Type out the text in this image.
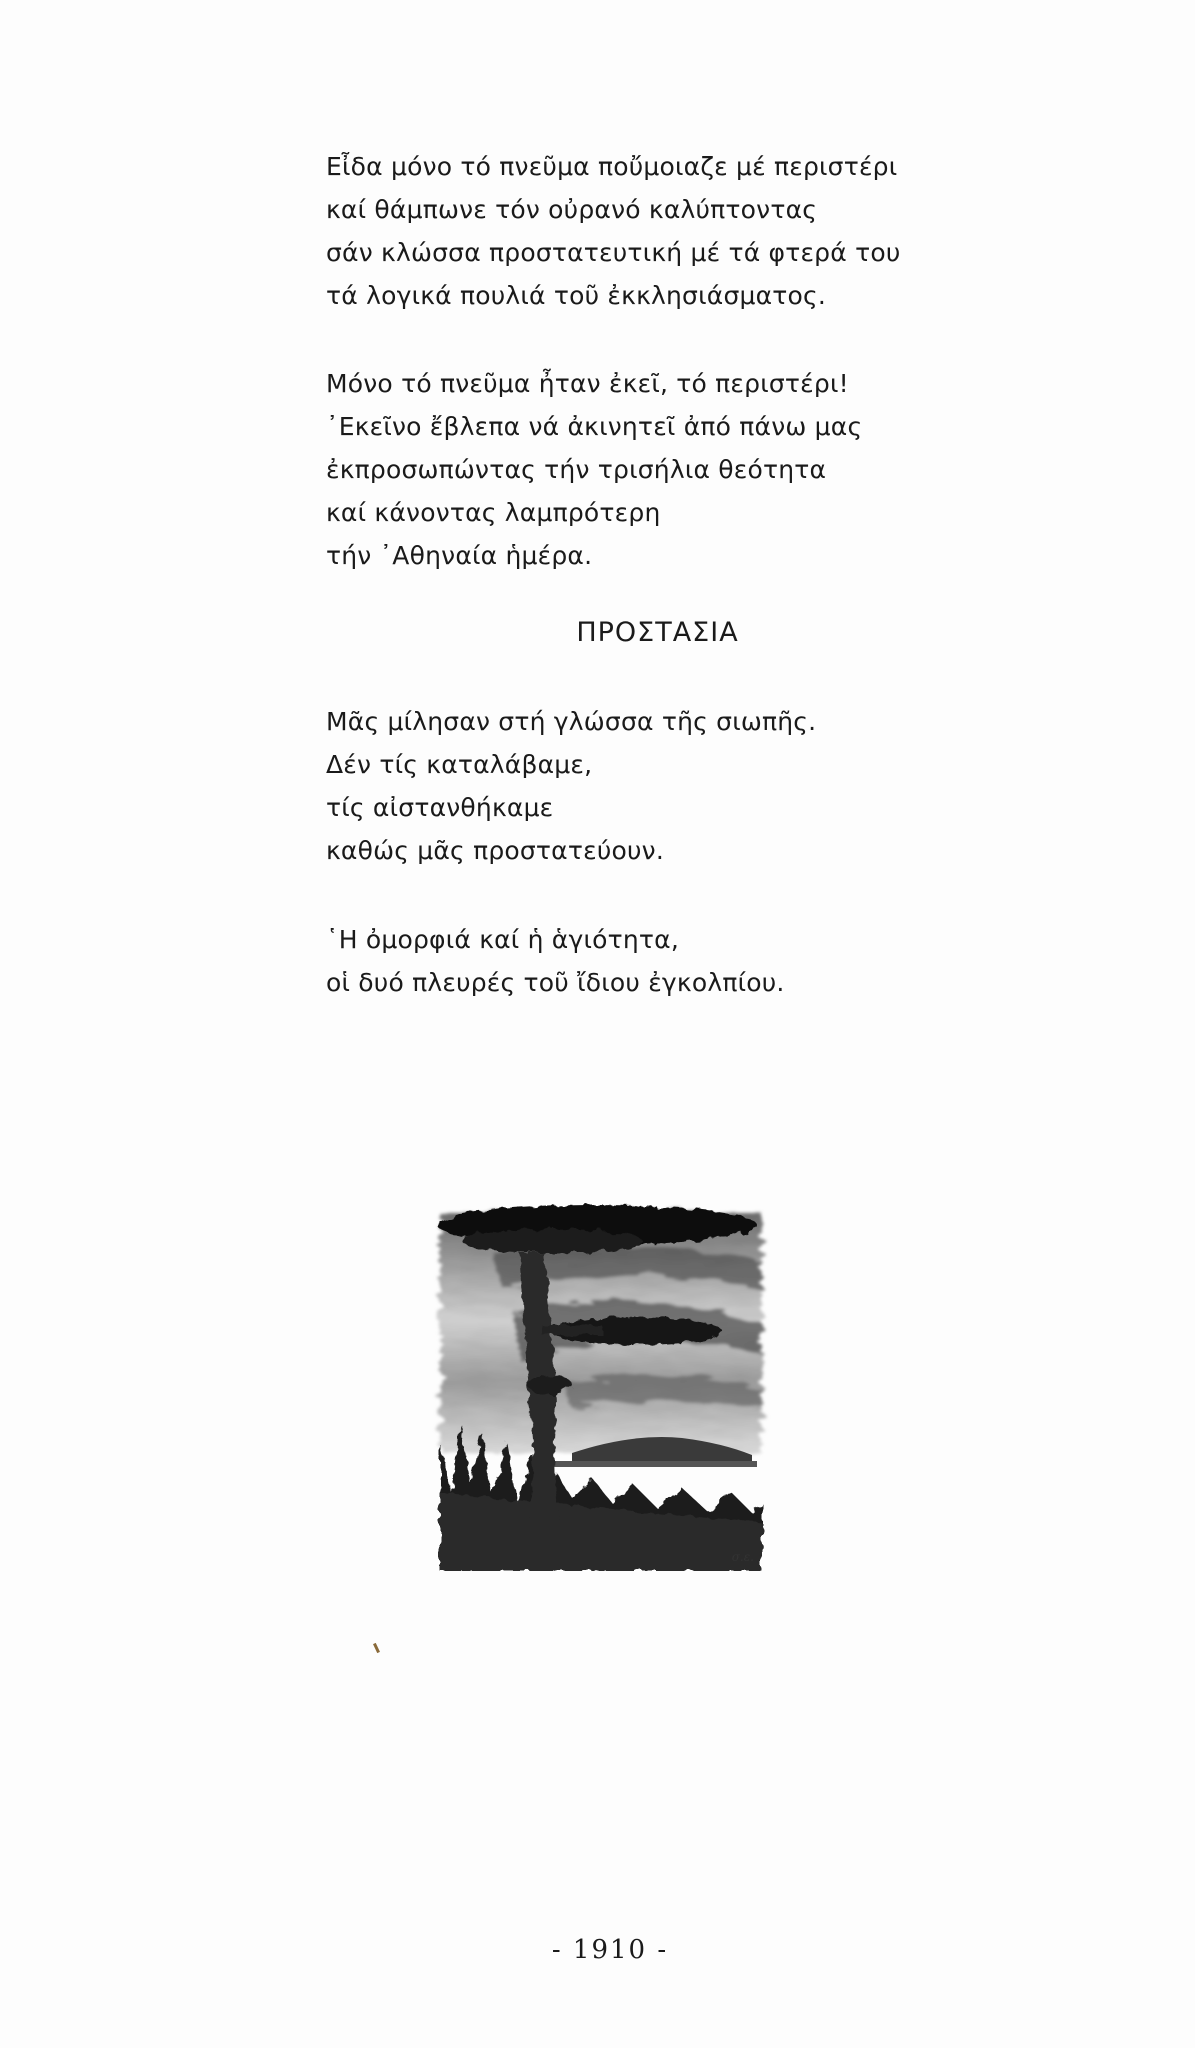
Εἶδα μόνο τό πνεῦμα ποὔμοιαζε μέ περιστέρι
καί θάμπωνε τόν οὐρανό καλύπτοντας
σάν κλώσσα προστατευτική μέ τά φτερά του
τά λογικά πουλιά τοῦ ἐκκλησιάσματος.
Μόνο τό πνεῦμα ἦταν ἐκεῖ, τό περιστέρι!
᾿Εκεῖνο ἔβλεπα νά ἀκινητεῖ ἀπό πάνω μας
ἐκπροσωπώντας τήν τρισήλια θεότητα
καί κάνοντας λαμπρότερη
τήν ᾿Αθηναία ἡμέρα.
ΠΡΟΣΤΑΣΙΑ
Μᾶς μίλησαν στή γλώσσα τῆς σιωπῆς.
Δέν τίς καταλάβαμε,
τίς αἰστανθήκαμε
καθώς μᾶς προστατεύουν.
῾Η ὀμορφιά καί ἡ ἁγιότητα,
οἱ δυό πλευρές τοῦ ἴδιου ἐγκολπίου.
σ.ε.
- 1910 -
